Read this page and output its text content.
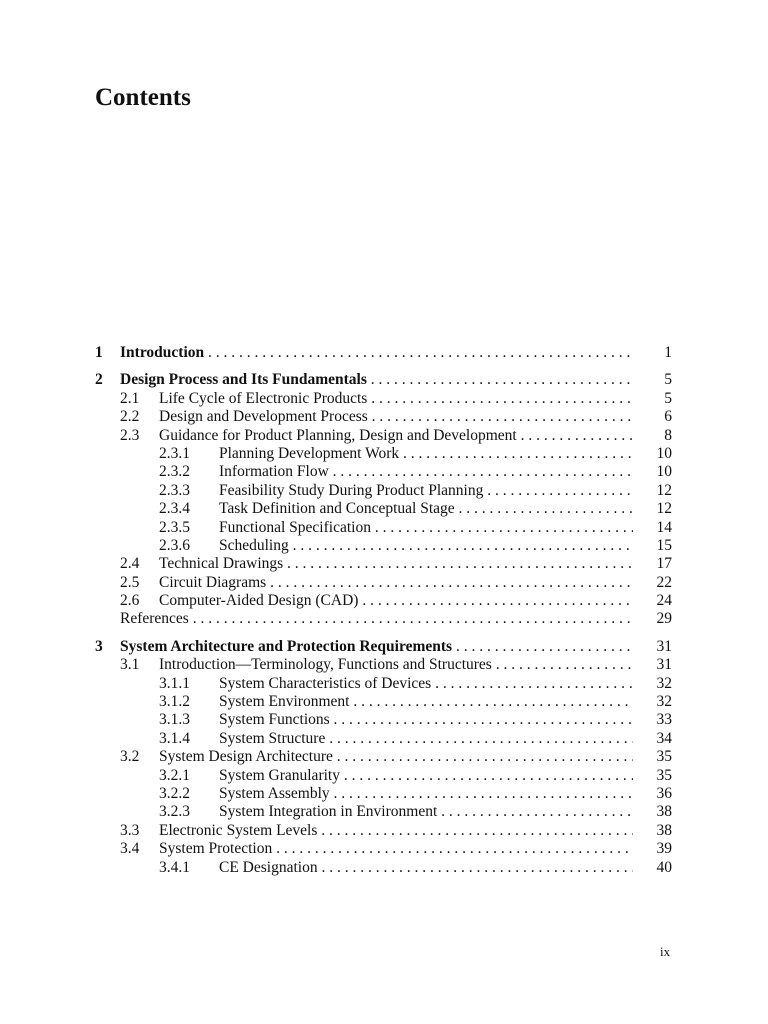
Contents
1 Introduction . . .	1
2 Design Process and Its Fundamentals . . .	5
2.1 Life Cycle of Electronic Products . . .	5
2.2 Design and Development Process . . .	6
2.3 Guidance for Product Planning, Design and Development . . .	8
2.3.1 Planning Development Work . . .	10
2.3.2 Information Flow . . .	10
2.3.3 Feasibility Study During Product Planning . . .	12
2.3.4 Task Definition and Conceptual Stage . . .	12
2.3.5 Functional Specification . . .	14
2.3.6 Scheduling . . .	15
2.4 Technical Drawings . . .	17
2.5 Circuit Diagrams . . .	22
2.6 Computer-Aided Design (CAD) . . .	24
References . . .	29
3 System Architecture and Protection Requirements . . .	31
3.1 Introduction—Terminology, Functions and Structures . . .	31
3.1.1 System Characteristics of Devices . . .	32
3.1.2 System Environment . . .	32
3.1.3 System Functions . . .	33
3.1.4 System Structure . . .	34
3.2 System Design Architecture . . .	35
3.2.1 System Granularity . . .	35
3.2.2 System Assembly . . .	36
3.2.3 System Integration in Environment . . .	38
3.3 Electronic System Levels . . .	38
3.4 System Protection . . .	39
3.4.1 CE Designation . . .	40
ix
